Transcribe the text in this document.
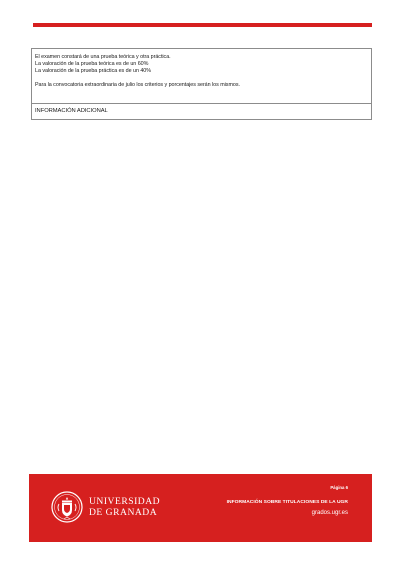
El examen constará de una prueba teórica y otra práctica.
La valoración de la prueba teórica es de un 60%
La valoración de la prueba práctica es de un 40%
Para la convocatoria extraordinaria de julio los criterios y porcentajes serán los mismos.
INFORMACIÓN ADICIONAL
UNIVERSIDAD
DE GRANADA
Página 6
INFORMACIÓN SOBRE TITULACIONES DE LA UGR
grados.ugr.es
